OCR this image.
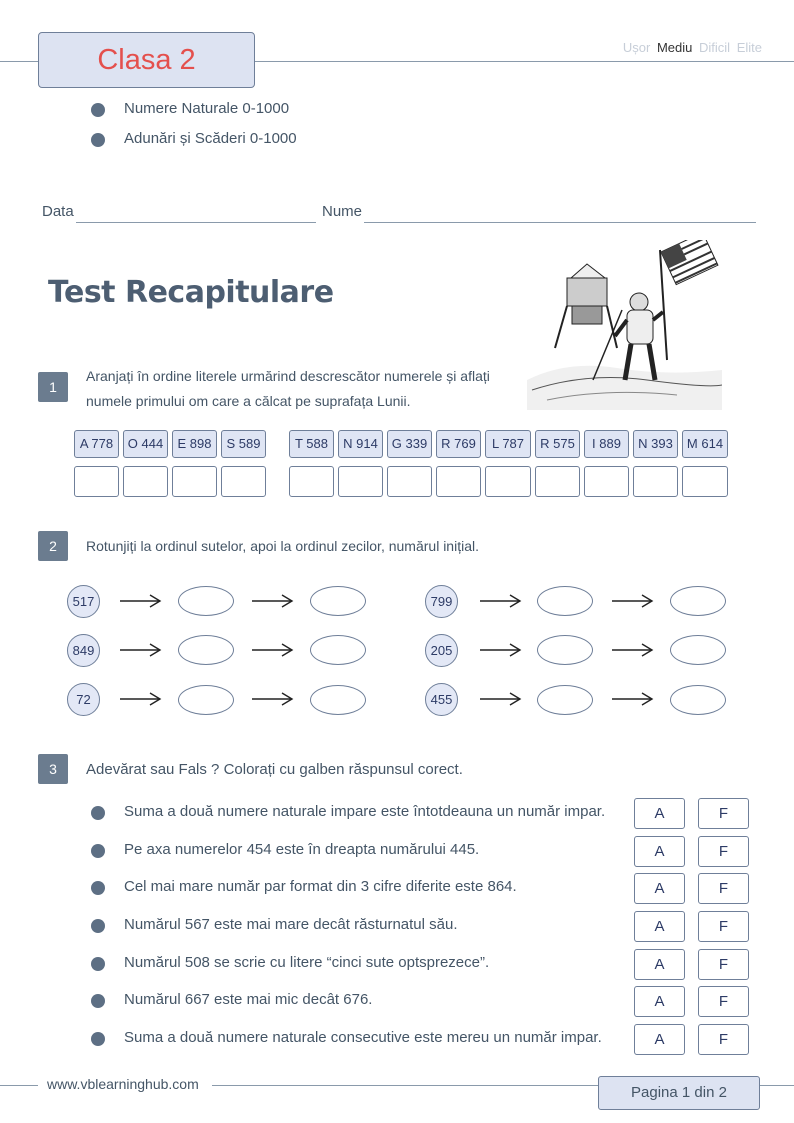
Clasa 2	Ușor Mediu Dificil Elite
Numere Naturale 0-1000
Adunări și Scăderi 0-1000
Data	Nume
Test Recapitulare
1
Aranjați în ordine literele urmărind descrescător numerele și aflați
numele primului om care a călcat pe suprafața Lunii.
A 778	O 444	E 898	S 589	T 588	N 914	G 339	R 769	L 787	R 575	I 889	N 393	M 614
2	Rotunjiți la ordinul sutelor, apoi la ordinul zecilor, numărul inițial.
517	799
849	205
72	455
3	Adevărat sau Fals ? Colorați cu galben răspunsul corect.
Suma a două numere naturale impare este întotdeauna un număr impar.	A	F
Pe axa numerelor 454 este în dreapta numărului 445.	A	F
Cel mai mare număr par format din 3 cifre diferite este 864.	A	F
Numărul 567 este mai mare decât răsturnatul său.	A	F
Numărul 508 se scrie cu litere “cinci sute optsprezece”.	A	F
Numărul 667 este mai mic decât 676.	A	F
Suma a două numere naturale consecutive este mereu un număr impar.	A	F
www.vblearninghub.com	Pagina 1 din 2
